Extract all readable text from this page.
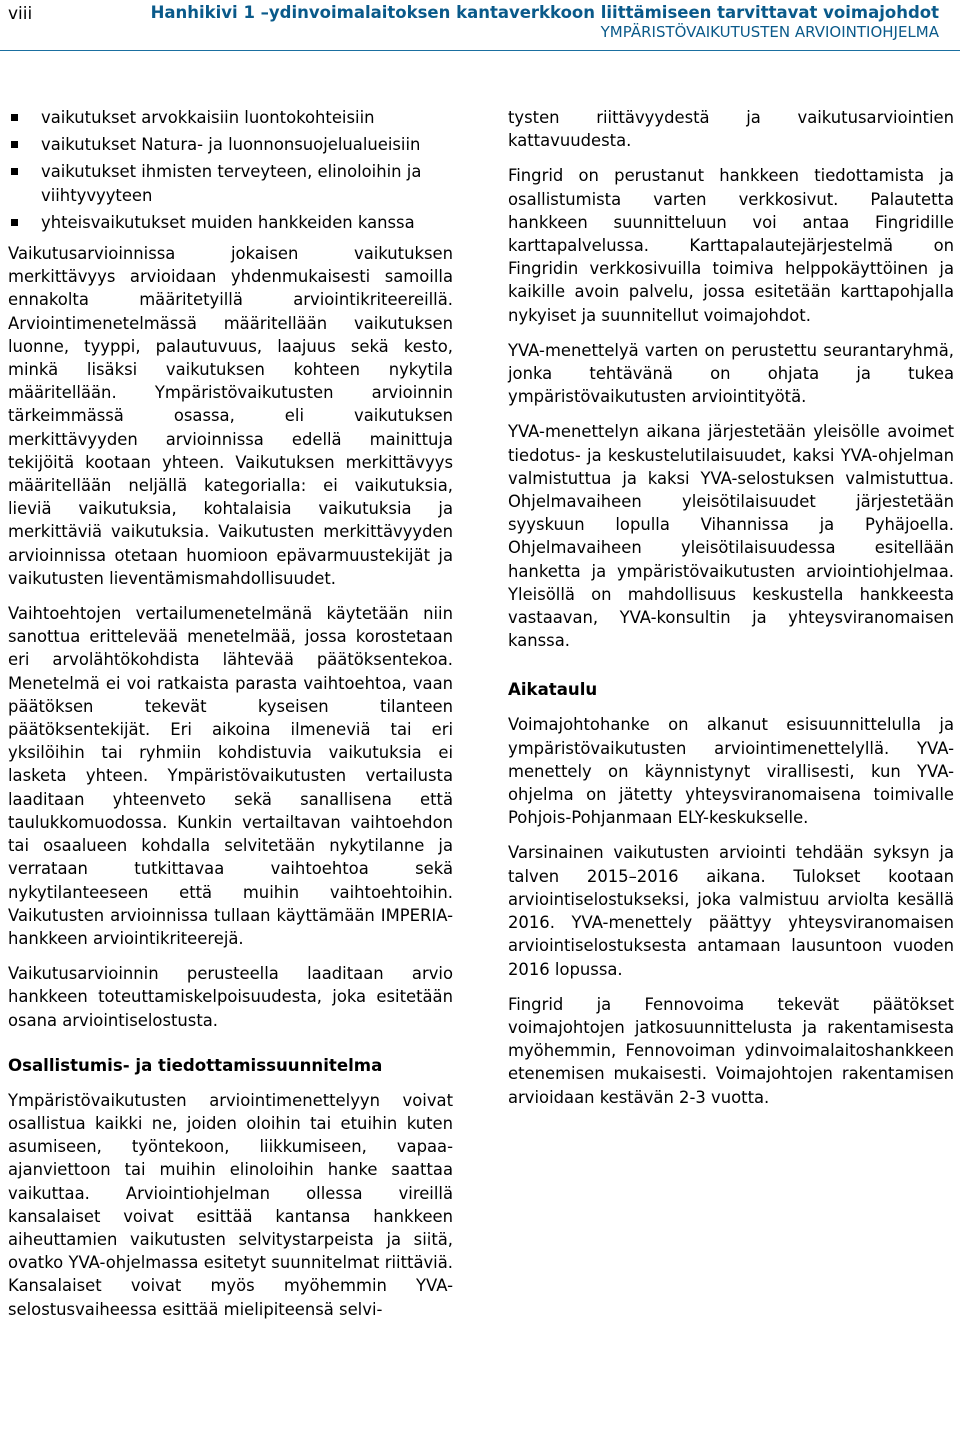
viii	Hanhikivi 1 –ydinvoimalaitoksen kantaverkkoon liittämiseen tarvittavat voimajohdot
YMPÄRISTÖVAIKUTUSTEN ARVIOINTIOHJELMA
vaikutukset arvokkaisiin luontokohteisiin
vaikutukset Natura- ja luonnonsuojelualueisiin
vaikutukset ihmisten terveyteen, elinoloihin ja viihtyvyyteen
yhteisvaikutukset muiden hankkeiden kanssa

Vaikutusarvioinnissa jokaisen vaikutuksen merkittävyys arvioidaan yhdenmukaisesti samoilla ennakolta määritetyillä arviointikriteereillä. Arviointimenetelmässä määritellään vaikutuksen luonne, tyyppi, palautuvuus, laajuus sekä kesto, minkä lisäksi vaikutuksen kohteen nykytila määritellään. Ympäristövaikutusten arvioinnin tärkeimmässä osassa, eli vaikutuksen merkittävyyden arvioinnissa edellä mainittuja tekijöitä kootaan yhteen. Vaikutuksen merkittävyys määritellään neljällä kategorialla: ei vaikutuksia, lieviä vaikutuksia, kohtalaisia vaikutuksia ja merkittäviä vaikutuksia. Vaikutusten merkittävyyden arvioinnissa otetaan huomioon epävarmuustekijät ja vaikutusten lieventämismahdollisuudet.

Vaihtoehtojen vertailumenetelmänä käytetään niin sanottua erittelevää menetelmää, jossa korostetaan eri arvolähtökohdista lähtevää päätöksentekoa. Menetelmä ei voi ratkaista parasta vaihtoehtoa, vaan päätöksen tekevät kyseisen tilanteen päätöksentekijät. Eri aikoina ilmeneviä tai eri yksilöihin tai ryhmiin kohdistuvia vaikutuksia ei lasketa yhteen. Ympäristövaikutusten vertailusta laaditaan yhteenveto sekä sanallisena että taulukkomuodossa. Kunkin vertailtavan vaihtoehdon tai osaalueen kohdalla selvitetään nykytilanne ja verrataan tutkittavaa vaihtoehtoa sekä nykytilanteeseen että muihin vaihtoehtoihin. Vaikutusten arvioinnissa tullaan käyttämään IMPERIA-hankkeen arviointikriteerejä.

Vaikutusarvioinnin perusteella laaditaan arvio hankkeen toteuttamiskelpoisuudesta, joka esitetään osana arviointiselostusta.

Osallistumis- ja tiedottamissuunnitelma

Ympäristövaikutusten arviointimenettelyyn voivat osallistua kaikki ne, joiden oloihin tai etuihin kuten asumiseen, työntekoon, liikkumiseen, vapaa-ajanviettoon tai muihin elinoloihin hanke saattaa vaikuttaa. Arviointiohjelman ollessa vireillä kansalaiset voivat esittää kantansa hankkeen aiheuttamien vaikutusten selvitystarpeista ja siitä, ovatko YVA-ohjelmassa esitetyt suunnitelmat riittäviä. Kansalaiset voivat myös myöhemmin YVA-selostusvaiheessa esittää mielipiteensä selvi-

tysten riittävyydestä ja vaikutusarviointien kattavuudesta.

Fingrid on perustanut hankkeen tiedottamista ja osallistumista varten verkkosivut. Palautetta hankkeen suunnitteluun voi antaa Fingridille karttapalvelussa. Karttapalautejärjestelmä on Fingridin verkkosivuilla toimiva helppokäyttöinen ja kaikille avoin palvelu, jossa esitetään karttapohjalla nykyiset ja suunnitellut voimajohdot.

YVA-menettelyä varten on perustettu seurantaryhmä, jonka tehtävänä on ohjata ja tukea ympäristövaikutusten arviointityötä.

YVA-menettelyn aikana järjestetään yleisölle avoimet tiedotus- ja keskustelutilaisuudet, kaksi YVA-ohjelman valmistuttua ja kaksi YVA-selostuksen valmistuttua. Ohjelmavaiheen yleisötilaisuudet järjestetään syyskuun lopulla Vihannissa ja Pyhäjoella. Ohjelmavaiheen yleisötilaisuudessa esitellään hanketta ja ympäristövaikutusten arviointiohjelmaa. Yleisöllä on mahdollisuus keskustella hankkeesta vastaavan, YVA-konsultin ja yhteysviranomaisen kanssa.

Aikataulu

Voimajohtohanke on alkanut esisuunnittelulla ja ympäristövaikutusten arviointimenettelyllä. YVA-menettely on käynnistynyt virallisesti, kun YVA-ohjelma on jätetty yhteysviranomaisena toimivalle Pohjois-Pohjanmaan ELY-keskukselle.

Varsinainen vaikutusten arviointi tehdään syksyn ja talven 2015–2016 aikana. Tulokset kootaan arviointiselostukseksi, joka valmistuu arviolta kesällä 2016. YVA-menettely päättyy yhteysviranomaisen arviointiselostuksesta antamaan lausuntoon vuoden 2016 lopussa.

Fingrid ja Fennovoima tekevät päätökset voimajohtojen jatkosuunnittelusta ja rakentamisesta myöhemmin, Fennovoiman ydinvoimalaitoshankkeen etenemisen mukaisesti. Voimajohtojen rakentamisen arvioidaan kestävän 2-3 vuotta.
